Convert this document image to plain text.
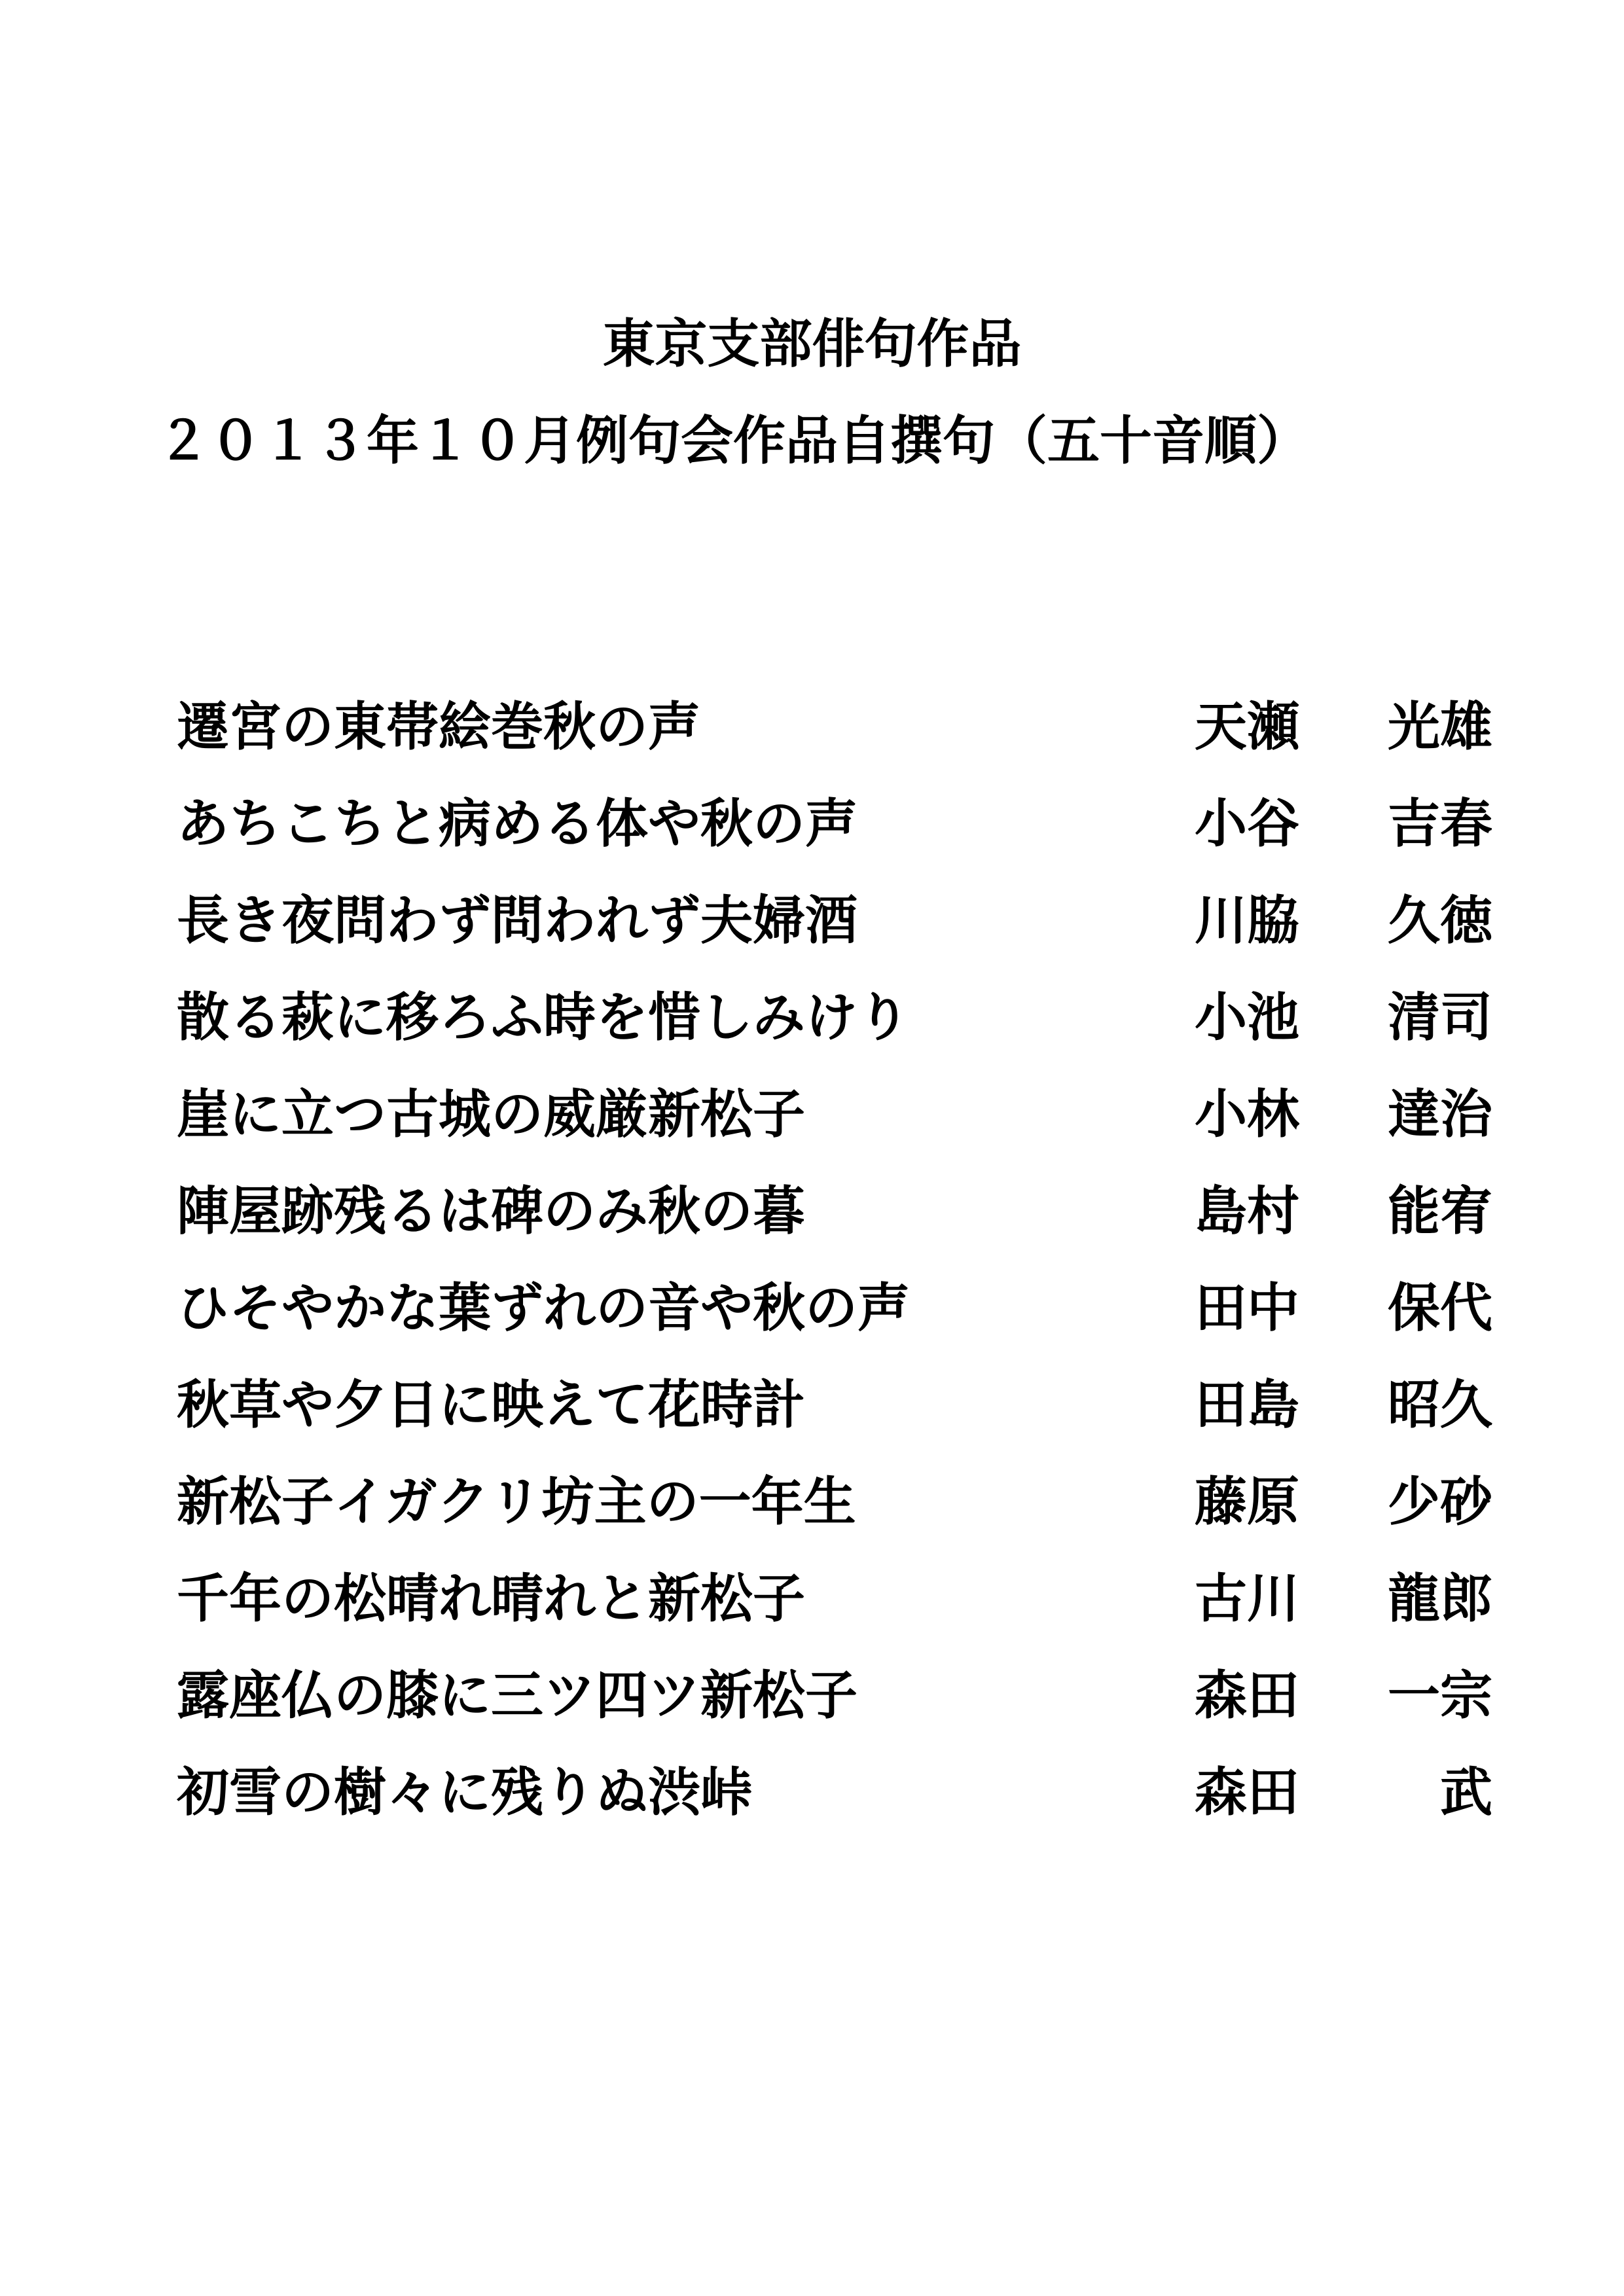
東京支部俳句作品
２０１３年１０月例句会作品自撰句（五十音順）
遷宮の東帯絵巻秋の声	天瀬	光雄
あちこちと病める体や秋の声	小谷	吉春
長き夜問わず問われず夫婦酒	川脇	久徳
散る萩に移ろふ時を惜しみけり	小池	清司
崖に立つ古城の威厳新松子	小林	達治
陣屋跡残るは碑のみ秋の暮	島村	能宥
ひそやかな葉ずれの音や秋の声	田中	保代
秋草や夕日に映えて花時計	田島	昭久
新松子イガクリ坊主の一年生	藤原	少砂
千年の松晴れ晴れと新松子	古川	龍郎
露座仏の膝に三ツ四ツ新松子	森田	一宗
初雪の樹々に残りぬ渋峠	森田	武
